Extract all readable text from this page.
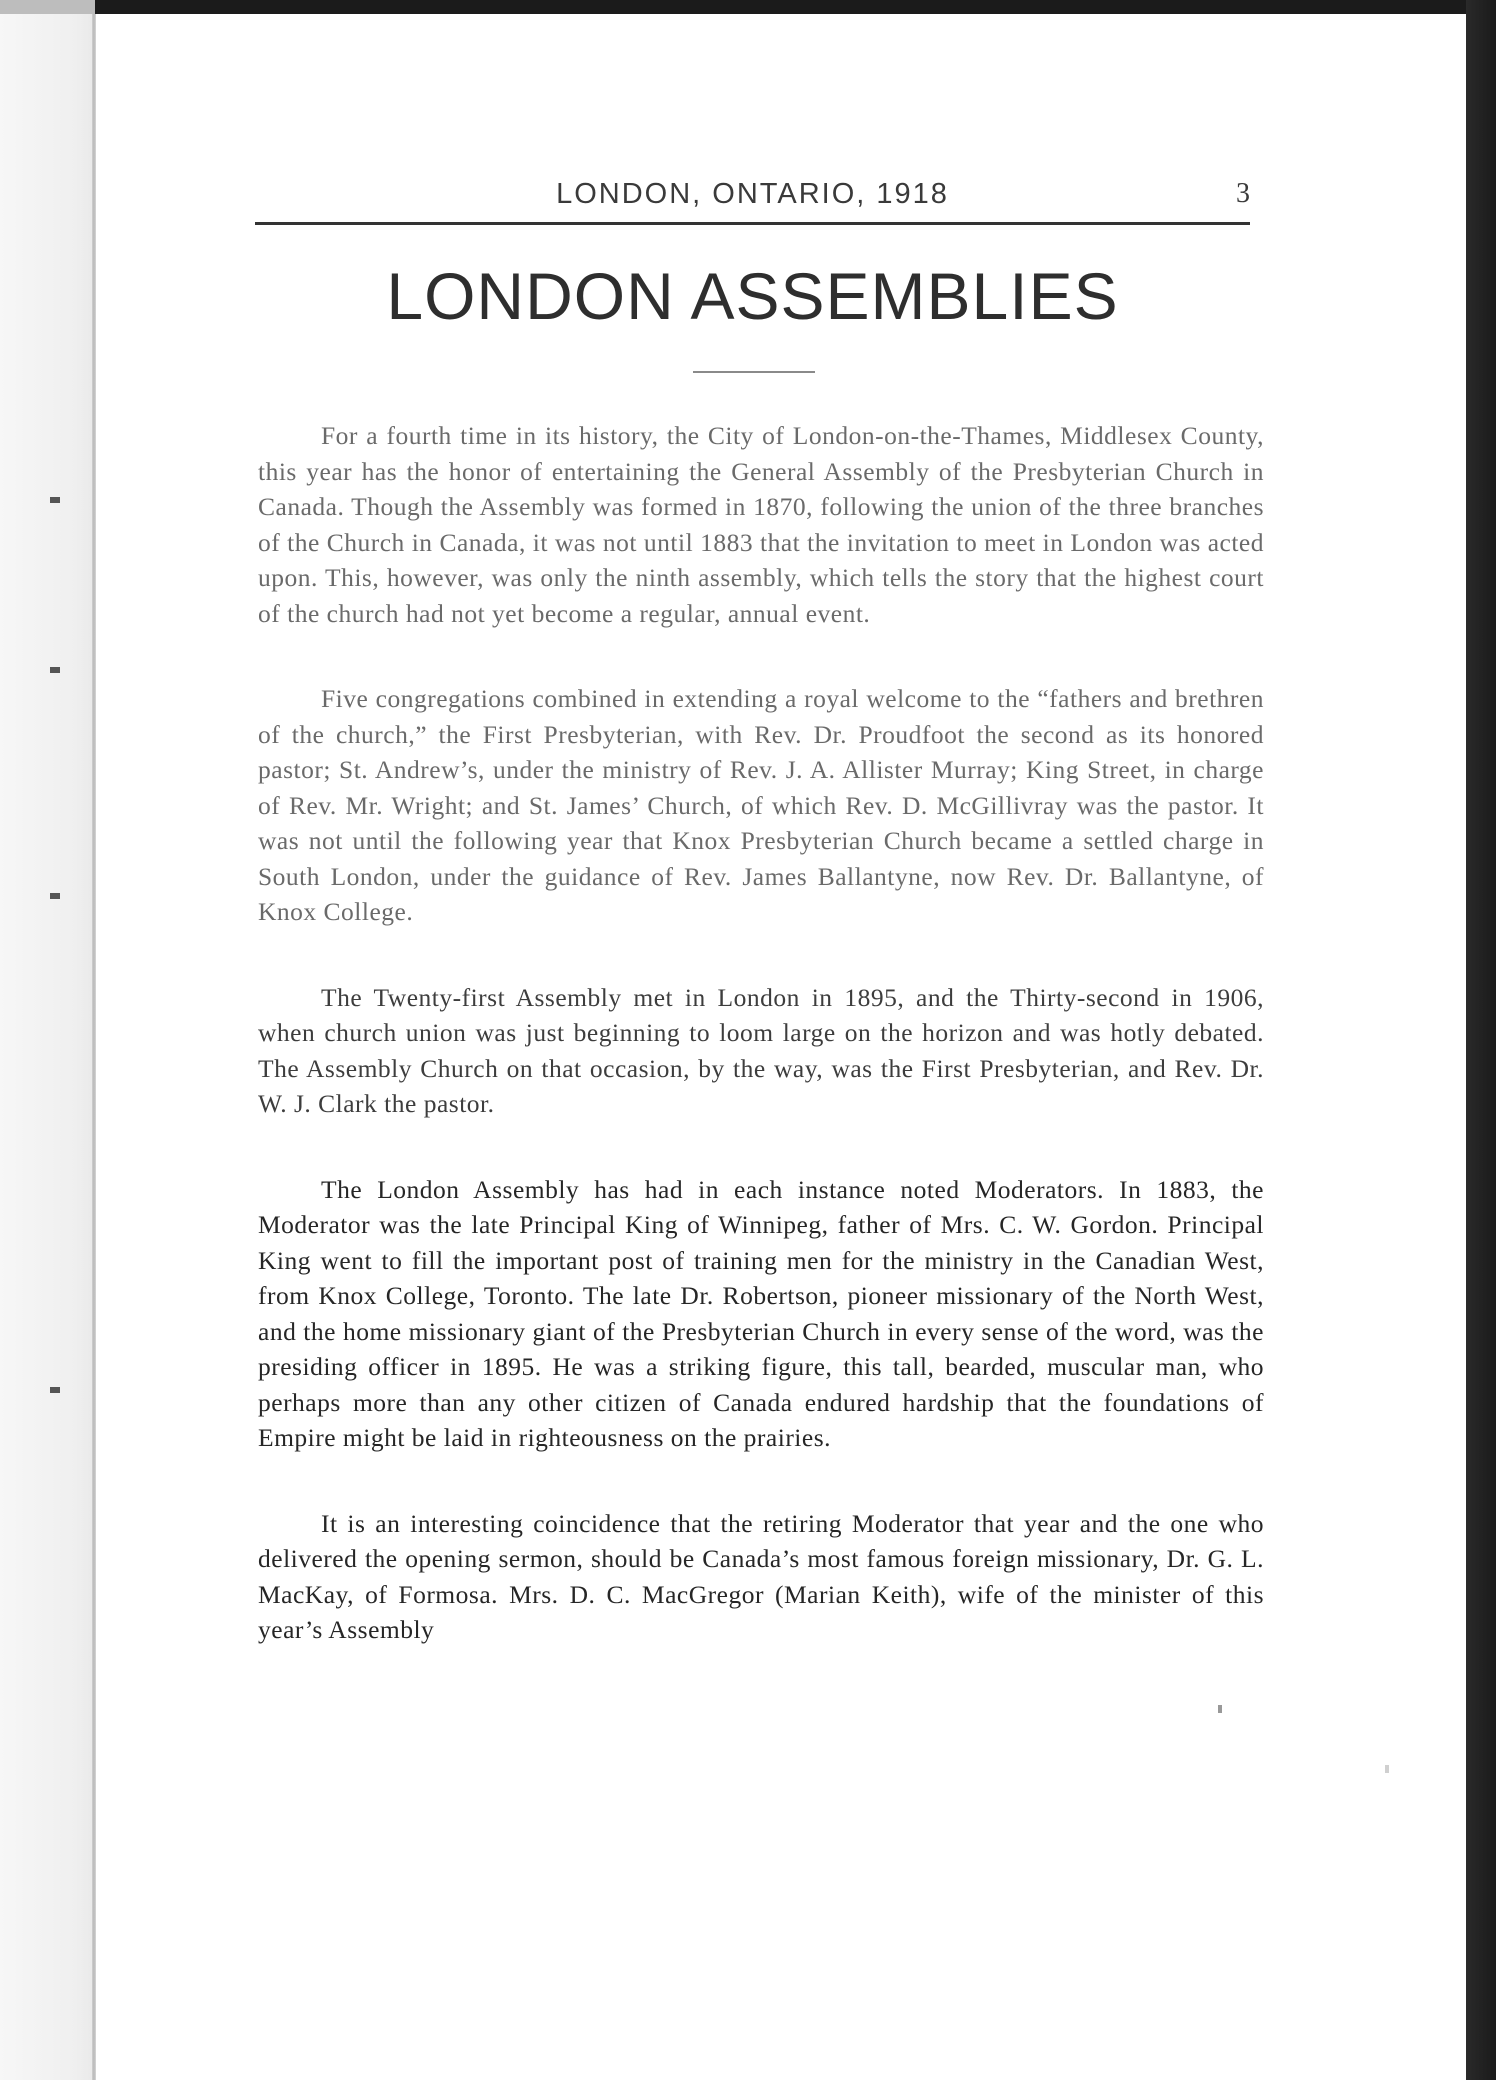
LONDON, ONTARIO, 1918	3
LONDON ASSEMBLIES

For a fourth time in its history, the City of London-on-the-Thames, Middlesex County, this year has the honor of entertaining the General Assembly of the Presbyterian Church in Canada. Though the Assembly was formed in 1870, following the union of the three branches of the Church in Canada, it was not until 1883 that the invitation to meet in London was acted upon. This, however, was only the ninth assembly, which tells the story that the highest court of the church had not yet become a regular, annual event.

Five congregations combined in extending a royal welcome to the “fathers and brethren of the church,” the First Presbyterian, with Rev. Dr. Proudfoot the second as its honored pastor; St. Andrew’s, under the ministry of Rev. J. A. Allister Murray; King Street, in charge of Rev. Mr. Wright; and St. James’ Church, of which Rev. D. McGillivray was the pastor. It was not until the following year that Knox Presbyterian Church became a settled charge in South London, under the guidance of Rev. James Ballantyne, now Rev. Dr. Ballantyne, of Knox College.

The Twenty-first Assembly met in London in 1895, and the Thirty-second in 1906, when church union was just beginning to loom large on the horizon and was hotly debated. The Assembly Church on that occasion, by the way, was the First Presbyterian, and Rev. Dr. W. J. Clark the pastor.

The London Assembly has had in each instance noted Moderators. In 1883, the Moderator was the late Principal King of Winnipeg, father of Mrs. C. W. Gordon. Principal King went to fill the important post of training men for the ministry in the Canadian West, from Knox College, Toronto. The late Dr. Robertson, pioneer missionary of the North West, and the home missionary giant of the Presbyterian Church in every sense of the word, was the presiding officer in 1895. He was a striking figure, this tall, bearded, muscular man, who perhaps more than any other citizen of Canada endured hardship that the foundations of Empire might be laid in righteousness on the prairies.

It is an interesting coincidence that the retiring Moderator that year and the one who delivered the opening sermon, should be Canada’s most famous foreign missionary, Dr. G. L. MacKay, of Formosa. Mrs. D. C. MacGregor (Marian Keith), wife of the minister of this year’s Assembly
